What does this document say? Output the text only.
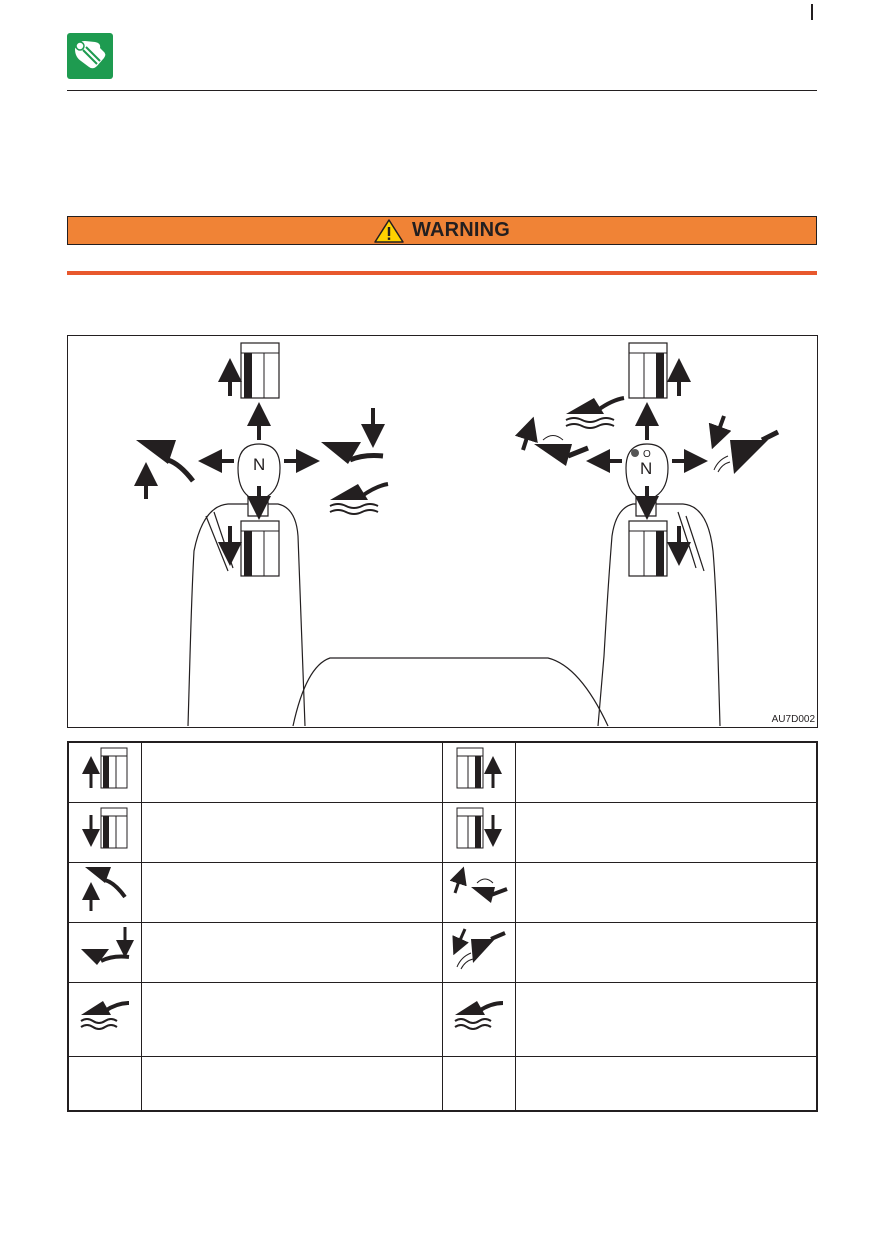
WARNING
N	N
O
AU7D002
